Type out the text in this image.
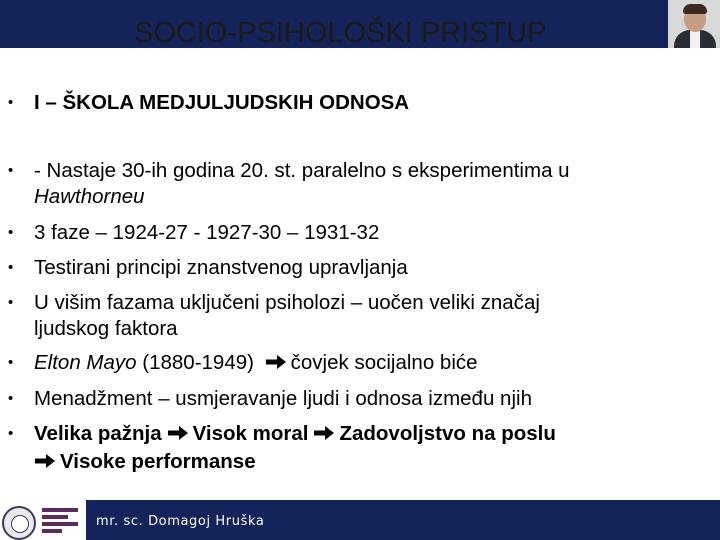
SOCIO-PSIHOLOŠKI PRISTUP
• I – ŠKOLA MEDJULJUDSKIH ODNOSA
• - Nastaje 30-ih godina 20. st. paralelno s eksperimentima u
Hawthorneu
• 3 faze – 1924-27 - 1927-30 – 1931-32
• Testirani principi znanstvenog upravljanja
• U višim fazama uključeni psiholozi – uočen veliki značaj
ljudskog faktora
• Elton Mayo (1880-1949) čovjek socijalno biće
• Menadžment – usmjeravanje ljudi i odnosa između njih
• Velika pažnja Visok moral Zadovoljstvo na poslu
Visoke performanse
mr. sc. Domagoj Hruška
